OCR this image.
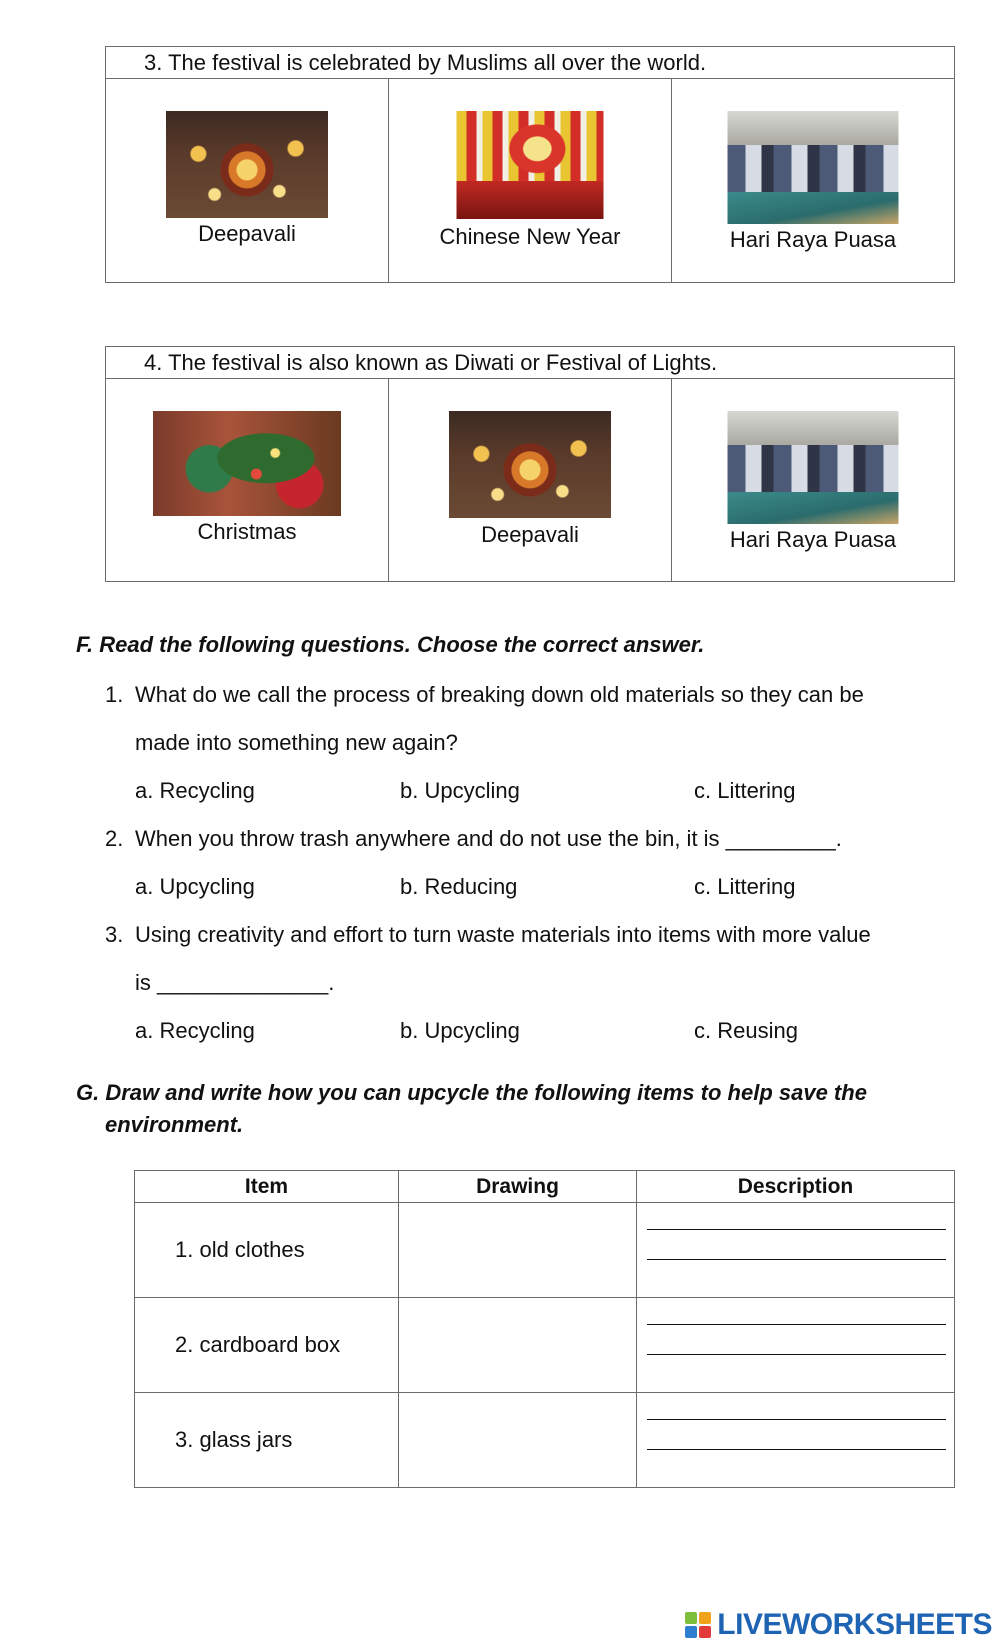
3. The festival is celebrated by Muslims all over the world.
Deepavali	Chinese New Year	Hari Raya Puasa
4. The festival is also known as Diwati or Festival of Lights.
Christmas	Deepavali	Hari Raya Puasa
F. Read the following questions. Choose the correct answer.
1. What do we call the process of breaking down old materials so they can be
made into something new again?
a. Recycling	b. Upcycling	c. Littering
2. When you throw trash anywhere and do not use the bin, it is _________.
a. Upcycling	b. Reducing	c. Littering
3. Using creativity and effort to turn waste materials into items with more value
is ______________.
a. Recycling	b. Upcycling	c. Reusing
G. Draw and write how you can upcycle the following items to help save the
environment.
Item	Drawing	Description
1. old clothes		

2. cardboard box		

3. glass jars		
LIVEWORKSHEETS
